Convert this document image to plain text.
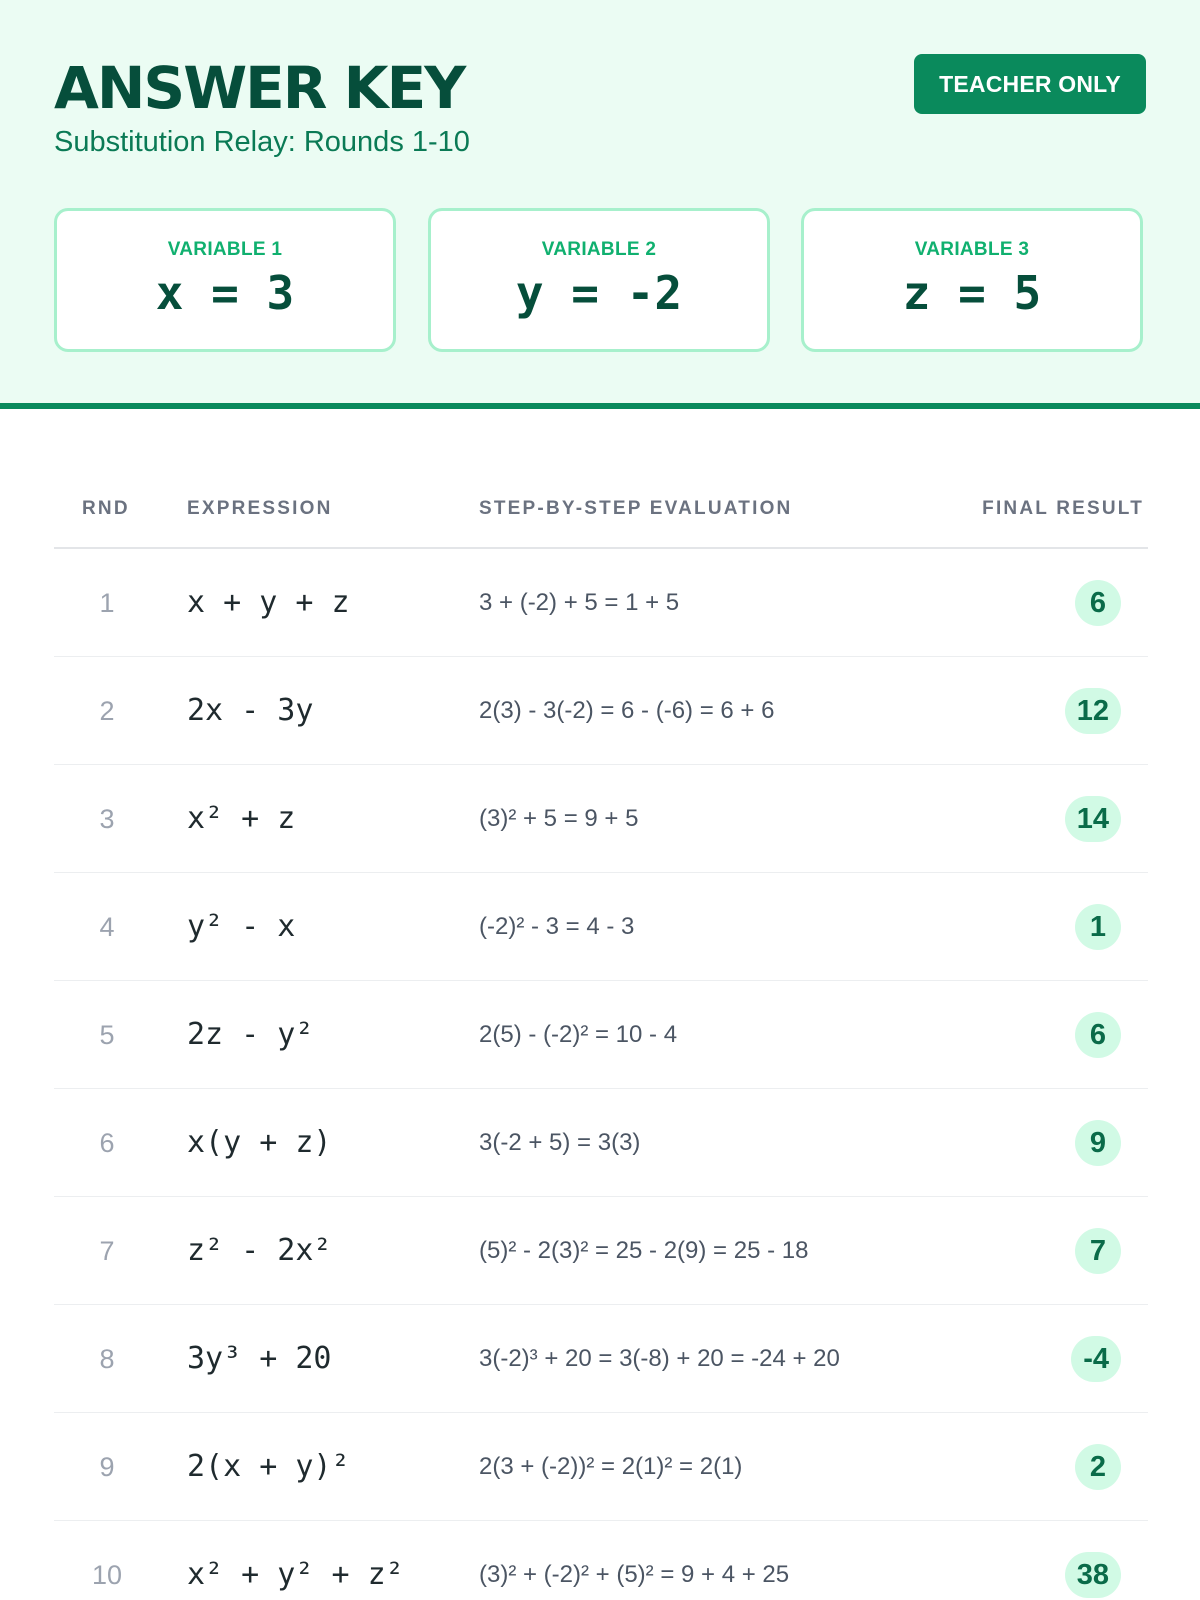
ANSWER KEY
Substitution Relay: Rounds 1-10
TEACHER ONLY
VARIABLE 1
x = 3
VARIABLE 2
y = -2
VARIABLE 3
z = 5
RND	EXPRESSION	STEP-BY-STEP EVALUATION	FINAL RESULT
1	x + y + z	3 + (-2) + 5 = 1 + 5	6
2	2x - 3y	2(3) - 3(-2) = 6 - (-6) = 6 + 6	12
3	x² + z	(3)² + 5 = 9 + 5	14
4	y² - x	(-2)² - 3 = 4 - 3	1
5	2z - y²	2(5) - (-2)² = 10 - 4	6
6	x(y + z)	3(-2 + 5) = 3(3)	9
7	z² - 2x²	(5)² - 2(3)² = 25 - 2(9) = 25 - 18	7
8	3y³ + 20	3(-2)³ + 20 = 3(-8) + 20 = -24 + 20	-4
9	2(x + y)²	2(3 + (-2))² = 2(1)² = 2(1)	2
10	x² + y² + z²	(3)² + (-2)² + (5)² = 9 + 4 + 25	38
